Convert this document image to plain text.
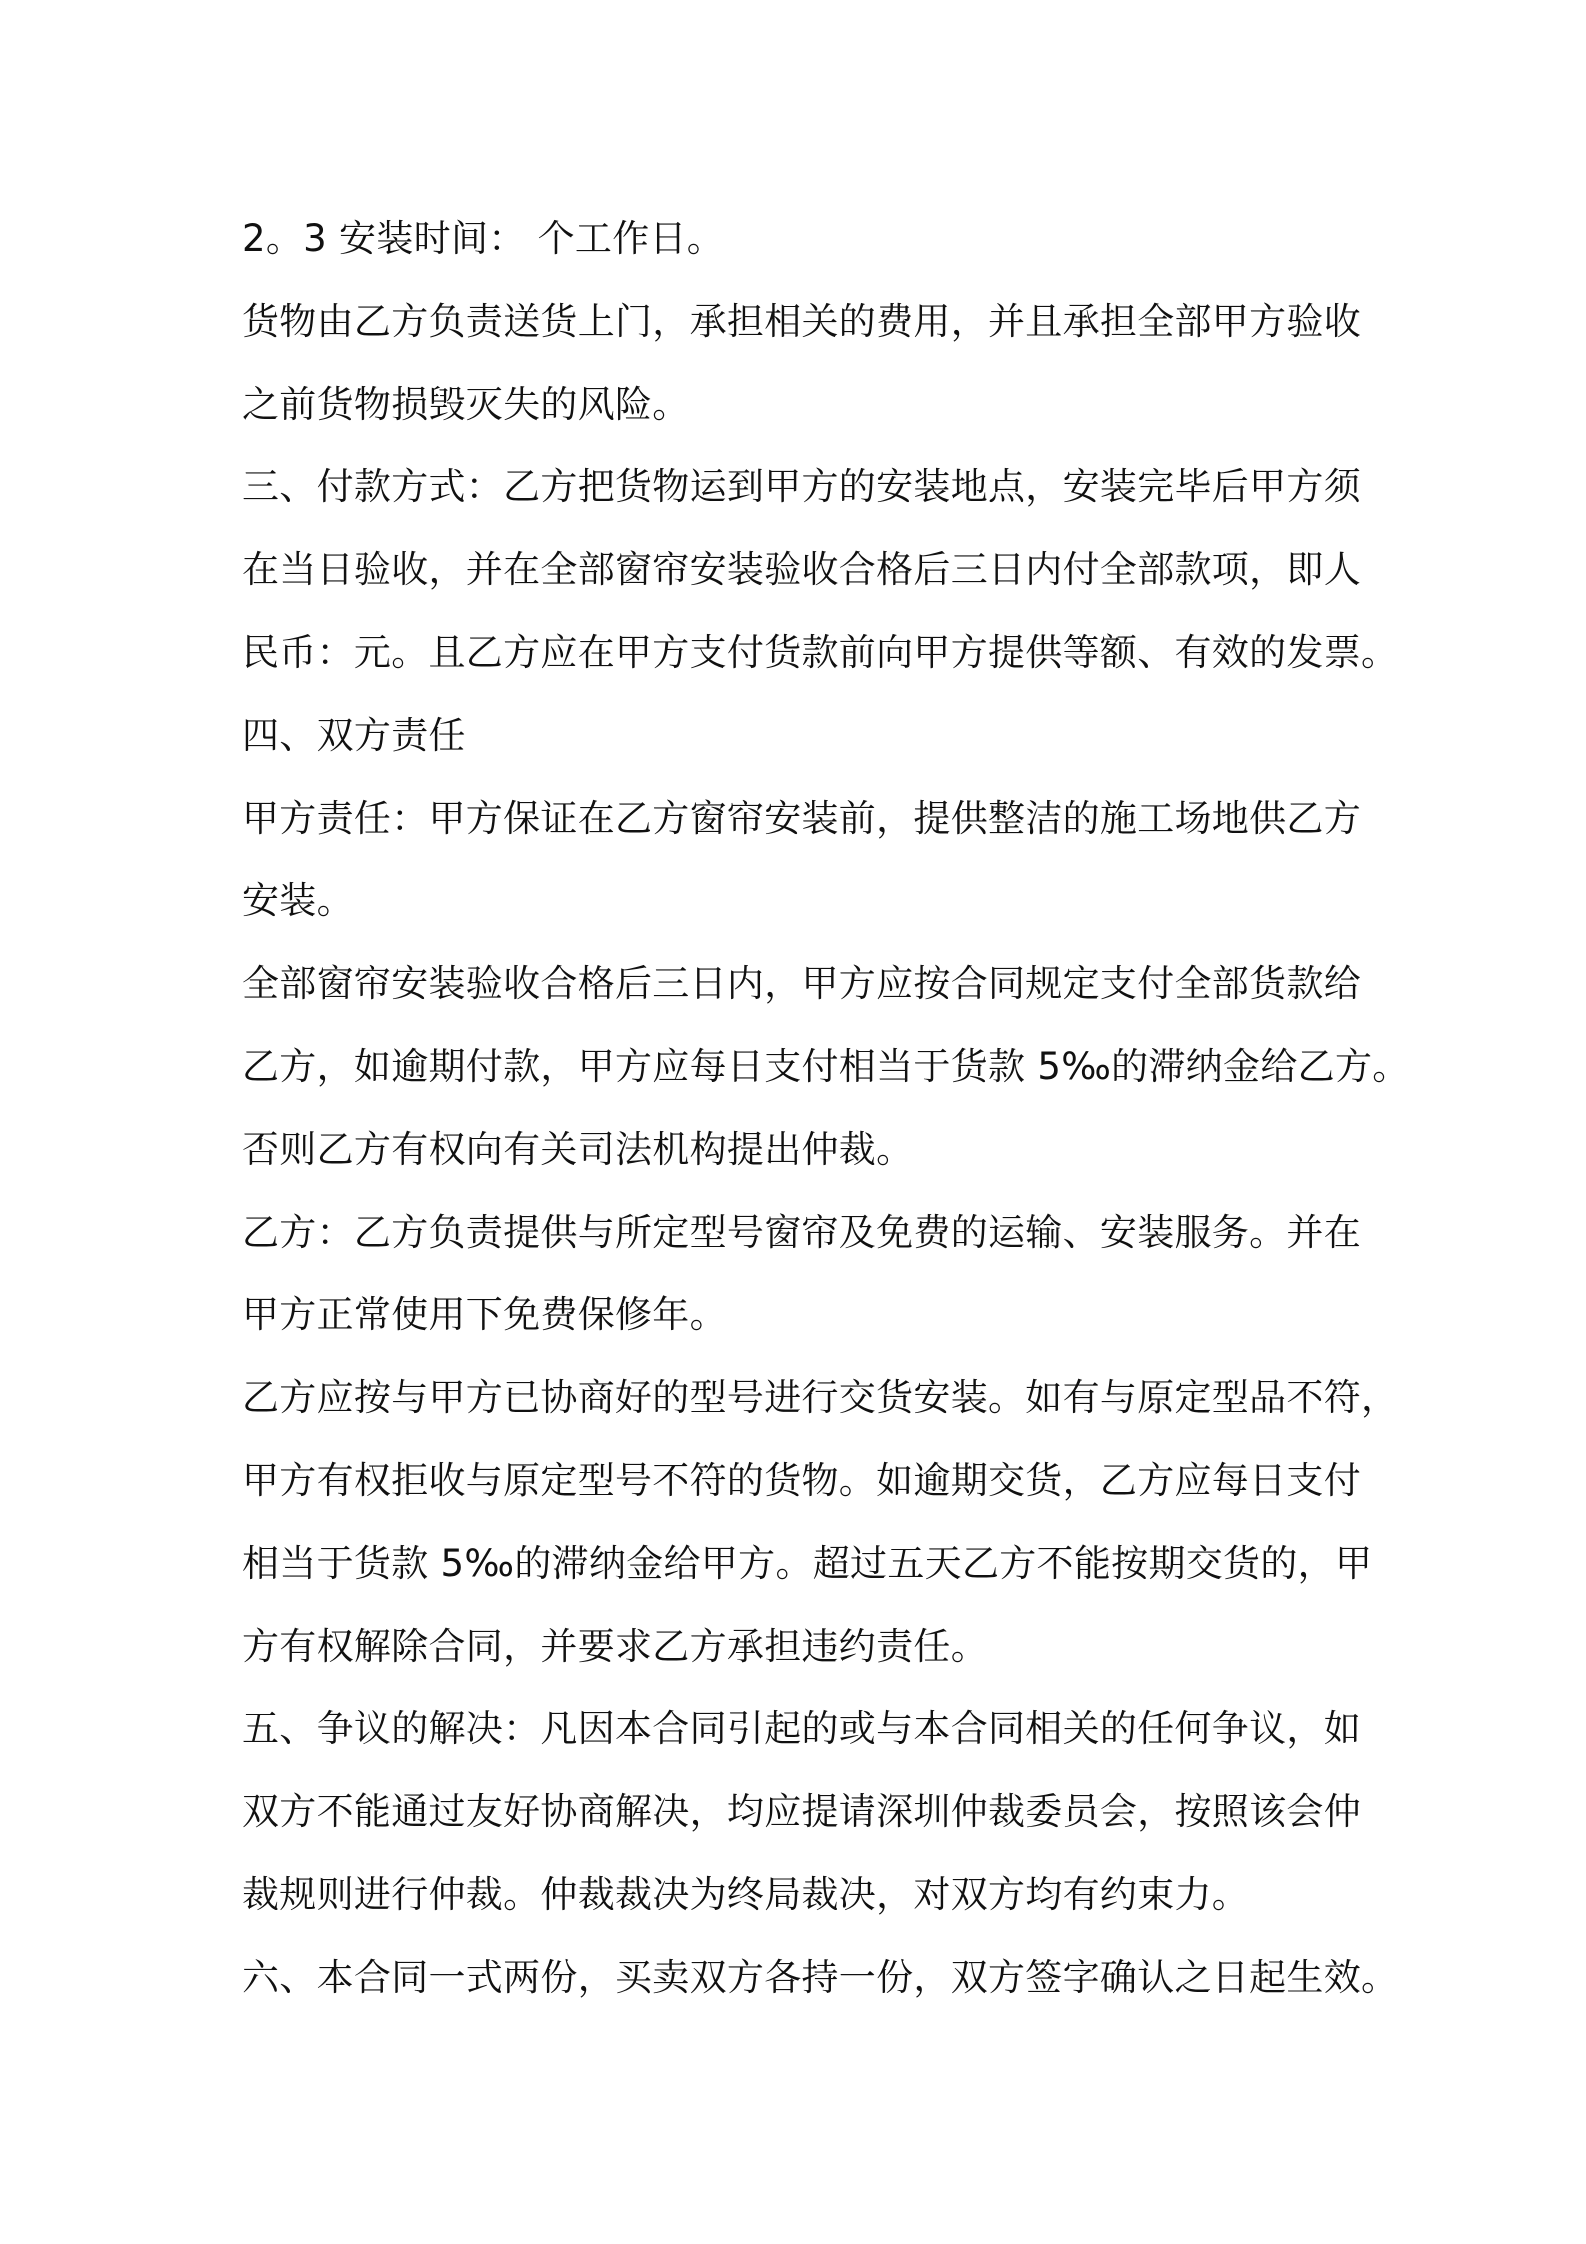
2。3 安装时间： 个工作日。
货物由乙方负责送货上门，承担相关的费用，并且承担全部甲方验收
之前货物损毁灭失的风险。
三、付款方式：乙方把货物运到甲方的安装地点，安装完毕后甲方须
在当日验收，并在全部窗帘安装验收合格后三日内付全部款项，即人
民币：元。且乙方应在甲方支付货款前向甲方提供等额、有效的发票。
四、双方责任
甲方责任：甲方保证在乙方窗帘安装前，提供整洁的施工场地供乙方
安装。
全部窗帘安装验收合格后三日内，甲方应按合同规定支付全部货款给
乙方，如逾期付款，甲方应每日支付相当于货款 5‰的滞纳金给乙方。
否则乙方有权向有关司法机构提出仲裁。
乙方：乙方负责提供与所定型号窗帘及免费的运输、安装服务。并在
甲方正常使用下免费保修年。
乙方应按与甲方已协商好的型号进行交货安装。如有与原定型品不符，
甲方有权拒收与原定型号不符的货物。如逾期交货，乙方应每日支付
相当于货款 5‰的滞纳金给甲方。超过五天乙方不能按期交货的，甲
方有权解除合同，并要求乙方承担违约责任。
五、争议的解决：凡因本合同引起的或与本合同相关的任何争议，如
双方不能通过友好协商解决，均应提请深圳仲裁委员会，按照该会仲
裁规则进行仲裁。仲裁裁决为终局裁决，对双方均有约束力。
六、本合同一式两份，买卖双方各持一份，双方签字确认之日起生效。
